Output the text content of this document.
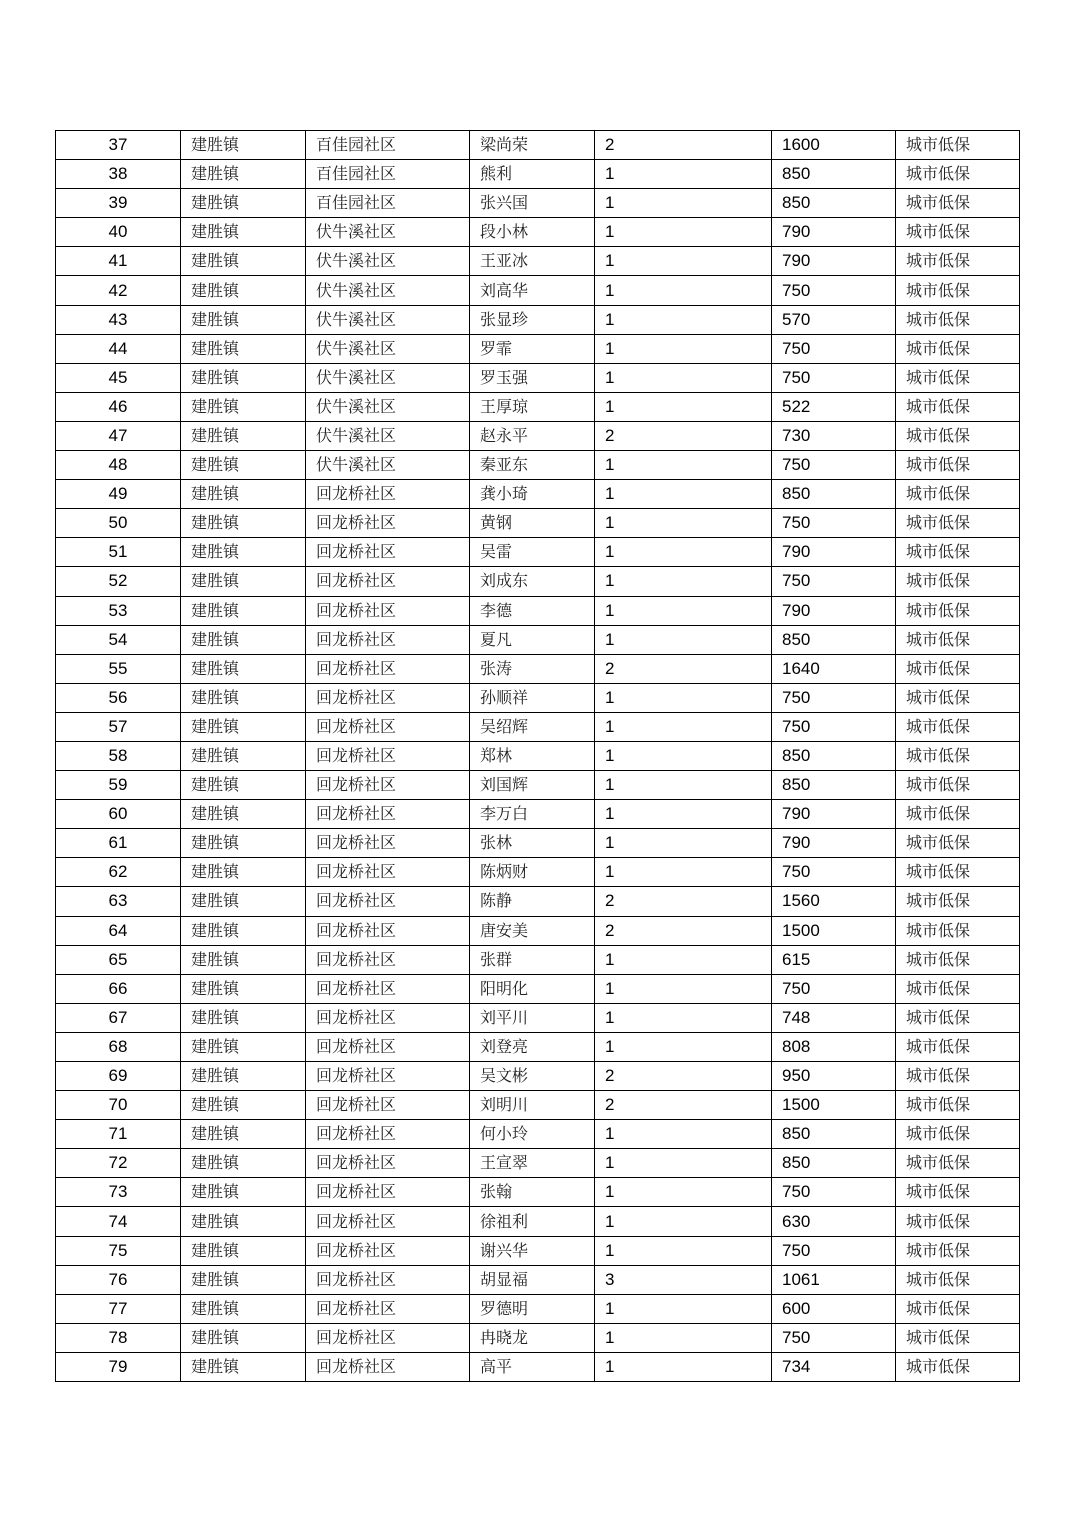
37	建胜镇	百佳园社区	梁尚荣	2	1600	城市低保
38	建胜镇	百佳园社区	熊利	1	850	城市低保
39	建胜镇	百佳园社区	张兴国	1	850	城市低保
40	建胜镇	伏牛溪社区	段小林	1	790	城市低保
41	建胜镇	伏牛溪社区	王亚冰	1	790	城市低保
42	建胜镇	伏牛溪社区	刘高华	1	750	城市低保
43	建胜镇	伏牛溪社区	张显珍	1	570	城市低保
44	建胜镇	伏牛溪社区	罗霏	1	750	城市低保
45	建胜镇	伏牛溪社区	罗玉强	1	750	城市低保
46	建胜镇	伏牛溪社区	王厚琼	1	522	城市低保
47	建胜镇	伏牛溪社区	赵永平	2	730	城市低保
48	建胜镇	伏牛溪社区	秦亚东	1	750	城市低保
49	建胜镇	回龙桥社区	龚小琦	1	850	城市低保
50	建胜镇	回龙桥社区	黄钢	1	750	城市低保
51	建胜镇	回龙桥社区	吴雷	1	790	城市低保
52	建胜镇	回龙桥社区	刘成东	1	750	城市低保
53	建胜镇	回龙桥社区	李德	1	790	城市低保
54	建胜镇	回龙桥社区	夏凡	1	850	城市低保
55	建胜镇	回龙桥社区	张涛	2	1640	城市低保
56	建胜镇	回龙桥社区	孙顺祥	1	750	城市低保
57	建胜镇	回龙桥社区	吴绍辉	1	750	城市低保
58	建胜镇	回龙桥社区	郑林	1	850	城市低保
59	建胜镇	回龙桥社区	刘国辉	1	850	城市低保
60	建胜镇	回龙桥社区	李万白	1	790	城市低保
61	建胜镇	回龙桥社区	张林	1	790	城市低保
62	建胜镇	回龙桥社区	陈炳财	1	750	城市低保
63	建胜镇	回龙桥社区	陈静	2	1560	城市低保
64	建胜镇	回龙桥社区	唐安美	2	1500	城市低保
65	建胜镇	回龙桥社区	张群	1	615	城市低保
66	建胜镇	回龙桥社区	阳明化	1	750	城市低保
67	建胜镇	回龙桥社区	刘平川	1	748	城市低保
68	建胜镇	回龙桥社区	刘登亮	1	808	城市低保
69	建胜镇	回龙桥社区	吴文彬	2	950	城市低保
70	建胜镇	回龙桥社区	刘明川	2	1500	城市低保
71	建胜镇	回龙桥社区	何小玲	1	850	城市低保
72	建胜镇	回龙桥社区	王宣翠	1	850	城市低保
73	建胜镇	回龙桥社区	张翰	1	750	城市低保
74	建胜镇	回龙桥社区	徐祖利	1	630	城市低保
75	建胜镇	回龙桥社区	谢兴华	1	750	城市低保
76	建胜镇	回龙桥社区	胡显福	3	1061	城市低保
77	建胜镇	回龙桥社区	罗德明	1	600	城市低保
78	建胜镇	回龙桥社区	冉晓龙	1	750	城市低保
79	建胜镇	回龙桥社区	高平	1	734	城市低保
